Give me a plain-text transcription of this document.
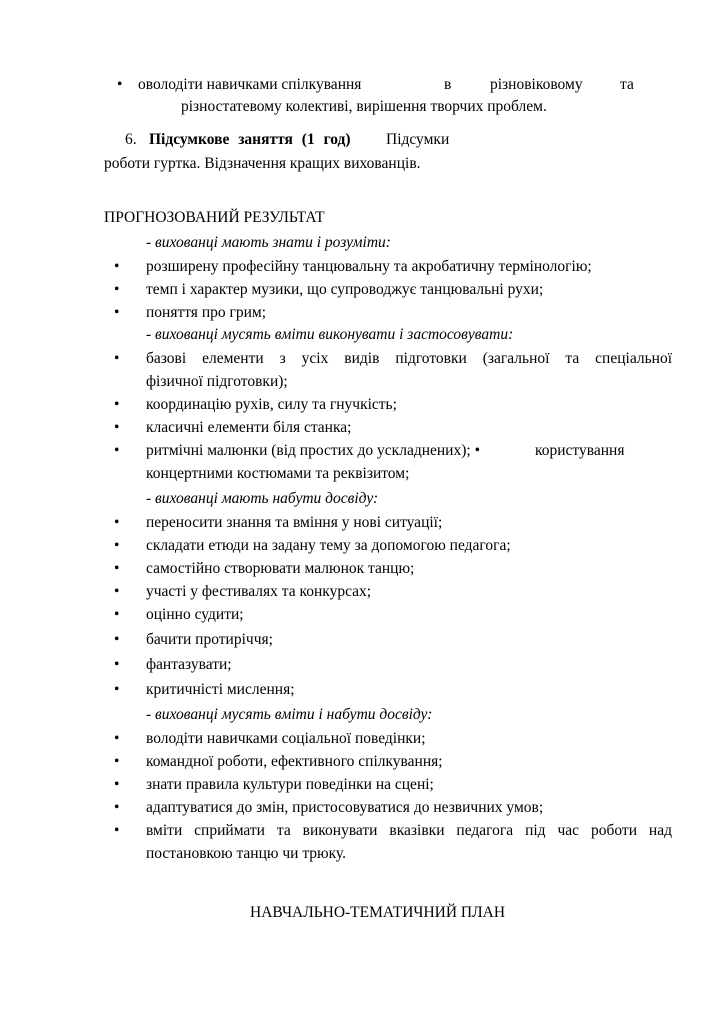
• оволодіти навичками спілкування	в різновіковому та
різностатевому колективі, вирішення творчих проблем.
6. Підсумкове заняття (1 год) Підсумки
роботи гуртка. Відзначення кращих вихованців.
ПРОГНОЗОВАНИЙ РЕЗУЛЬТАТ
- вихованці мають знати і розуміти:
• розширену професійну танцювальну та акробатичну термінологію;
• темп і характер музики, що супроводжує танцювальні рухи;
• поняття про грим;
- вихованці мусять вміти виконувати і застосовувати:
• базові елементи з усіх видів підготовки (загальної та спеціальної
фізичної підготовки);
• координацію рухів, силу та гнучкість;
• класичні елементи біля станка;
• ритмічні малюнки (від простих до ускладнених); •	користування
концертними костюмами та реквізитом;
- вихованці мають набути досвіду:
• переносити знання та вміння у нові ситуації;
• складати етюди на задану тему за допомогою педагога;
• самостійно створювати малюнок танцю;
• участі у фестивалях та конкурсах;
• оцінно судити;
• бачити протиріччя;
• фантазувати;
• критичністі мислення;
- вихованці мусять вміти і набути досвіду:
• володіти навичками соціальної поведінки;
• командної роботи, ефективного спілкування;
• знати правила культури поведінки на сцені;
• адаптуватися до змін, пристосовуватися до незвичних умов;
• вміти сприймати та виконувати вказівки педагога під час роботи над
постановкою танцю чи трюку.
НАВЧАЛЬНО-ТЕМАТИЧНИЙ ПЛАН
